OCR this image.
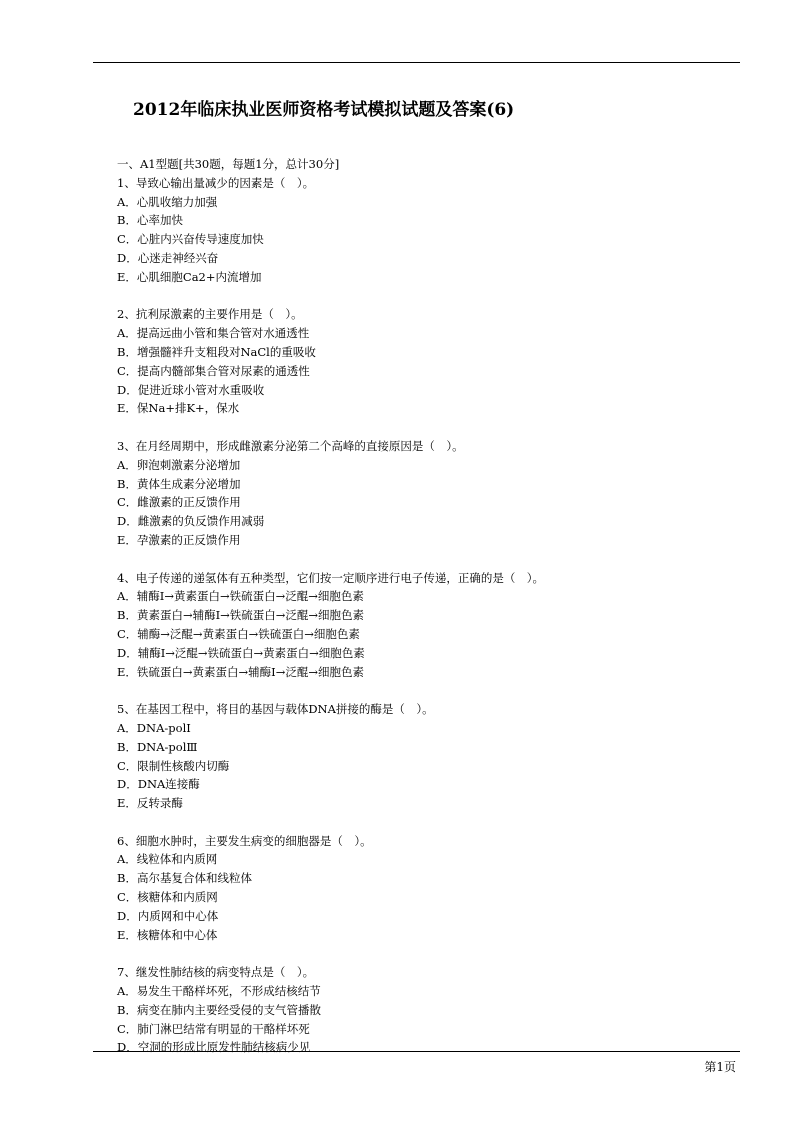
2012年临床执业医师资格考试模拟试题及答案(6)
一、A1型题[共30题，每题1分，总计30分]
1、导致心输出量减少的因素是（　）。
A．心肌收缩力加强
B．心率加快
C．心脏内兴奋传导速度加快
D．心迷走神经兴奋
E．心肌细胞Ca2+内流增加
2、抗利尿激素的主要作用是（　）。
A．提高远曲小管和集合管对水通透性
B．增强髓袢升支粗段对NaCl的重吸收
C．提高内髓部集合管对尿素的通透性
D．促进近球小管对水重吸收
E．保Na+排K+，保水
3、在月经周期中，形成雌激素分泌第二个高峰的直接原因是（　）。
A．卵泡刺激素分泌增加
B．黄体生成素分泌增加
C．雌激素的正反馈作用
D．雌激素的负反馈作用减弱
E．孕激素的正反馈作用
4、电子传递的递氢体有五种类型，它们按一定顺序进行电子传递，正确的是（　）。
A．辅酶I→黄素蛋白→铁硫蛋白→泛醌→细胞色素
B．黄素蛋白→辅酶I→铁硫蛋白→泛醌→细胞色素
C．辅酶→泛醌→黄素蛋白→铁硫蛋白→细胞色素
D．辅酶I→泛醌→铁硫蛋白→黄素蛋白→细胞色素
E．铁硫蛋白→黄素蛋白→辅酶I→泛醌→细胞色素
5、在基因工程中，将目的基因与载体DNA拼接的酶是（　）。
A．DNA-polⅠ
B．DNA-polⅢ
C．限制性核酸内切酶
D．DNA连接酶
E．反转录酶
6、细胞水肿时，主要发生病变的细胞器是（　）。
A．线粒体和内质网
B．高尔基复合体和线粒体
C．核糖体和内质网
D．内质网和中心体
E．核糖体和中心体
7、继发性肺结核的病变特点是（　）。
A．易发生干酪样坏死，不形成结核结节
B．病变在肺内主要经受侵的支气管播散
C．肺门淋巴结常有明显的干酪样坏死
D．空洞的形成比原发性肺结核病少见
第1页
